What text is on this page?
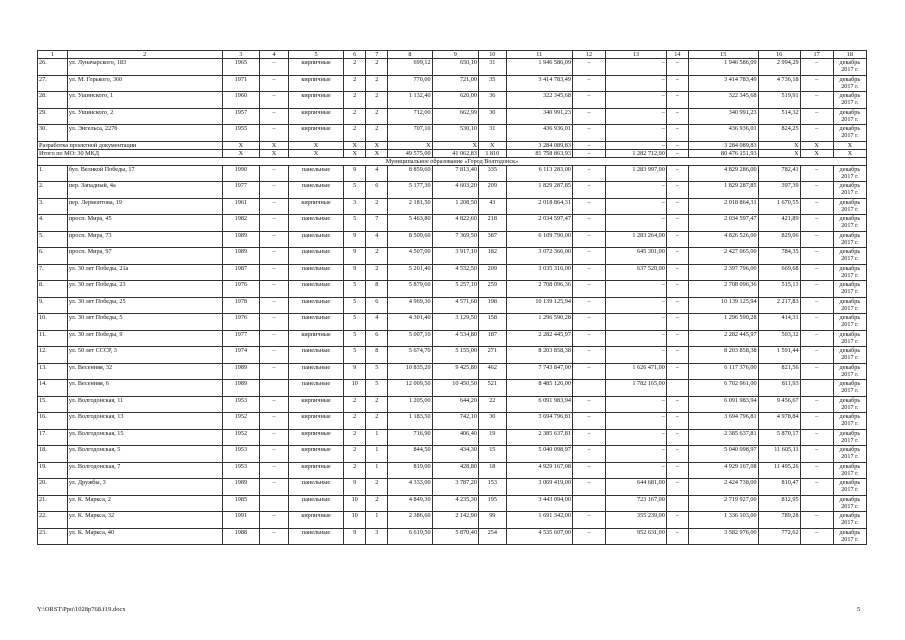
1	2	3	4	5	6	7	8	9	10	11	12	13	14	15	16	17	18
26.	ул. Луначарского, 183	1965	–	кирпичные	2	2	699,12	650,10	31	1 946 586,09	–	–	–	1 946 586,09	2 994,29	–	декабрь 2017 г.
27.	ул. М. Горького, 360	1971	–	кирпичные	2	2	770,00	721,00	35	3 414 783,49	–	–	–	3 414 783,49	4 736,18	–	декабрь 2017 г.
28.	ул. Ушинского, 1	1960	–	кирпичные	2	2	1 132,40	620,00	36	322 345,68	–	–	–	322 345,68	519,91	–	декабрь 2017 г.
29.	ул. Ушинского, 2	1957	–	кирпичные	2	2	712,00	662,99	30	340 991,23	–	–	–	340 991,23	514,32	–	декабрь 2017 г.
30.	ул. Энгельса, 227б	1955	–	кирпичные	2	2	707,10	530,10	31	436 936,01	–	–	–	436 936,01	824,25	–	декабрь 2017 г.
Разработка проектной документации		X	X	X	X	X	X	X	X	3 284 089,83	–	–	–	3 284 089,83	X	X	X
Итого по МО: 30 МКД		X	X	X	X	X	49 575,00	41 062,83	1 810	81 758 863,93	–	1 282 712,00	–	80 476 151,93	X	X	X
Муниципальное образование «Город Волгодонск»																	
1.	бул. Великой Победы, 17	1990	–	панельные	9	4	8 859,60	7 813,40	335	6 113 283,00	–	1 283 997,00	–	4 829 286,00	782,41	–	декабрь 2017 г.
2.	пер. Западный, 4а	1977	–	панельные	5	6	5 177,30	4 603,20	209	1 829 287,85	–	–	–	1 829 287,85	397,39	–	декабрь 2017 г.
3.	пер. Лермонтова, 19	1961	–	кирпичные	3	2	2 181,50	1 208,50	43	2 018 864,31	–	–	–	2 018 864,31	1 670,55	–	декабрь 2017 г.
4.	просп. Мира, 45	1982	–	панельные	5	7	5 463,80	4 822,60	218	2 034 597,47	–	–	–	2 034 597,47	421,89	–	декабрь 2017 г.
5.	просп. Мира, 73	1989	–	панельные	9	4	8 509,60	7 369,50	387	6 109 790,00	–	1 283 264,00	–	4 826 526,00	829,06	–	декабрь 2017 г.
6.	просп. Мира, 97	1989	–	панельные	9	2	4 507,00	3 917,10	182	3 072 366,00	–	645 301,00	–	2 427 065,00	784,35	–	декабрь 2017 г.
7.	ул. 30 лет Победы, 21а	1987	–	панельные	9	2	5 201,40	4 532,50	209	3 035 316,00	–	637 520,00	–	2 397 796,00	669,68	–	декабрь 2017 г.
8.	ул. 30 лет Победы, 23	1976	–	панельные	5	8	5 879,60	5 257,10	259	2 708 096,36	–	–	–	2 708 096,36	515,13	–	декабрь 2017 г.
9.	ул. 30 лет Победы, 25	1978	–	панельные	5	6	4 969,30	4 571,60	198	10 139 125,94	–	–	–	10 139 125,94	2 217,83	–	декабрь 2017 г.
10.	ул. 30 лет Победы, 5	1976	–	панельные	5	4	4 301,40	3 129,50	158	1 296 590,28	–	–	–	1 296 590,28	414,31	–	декабрь 2017 г.
11.	ул. 30 лет Победы, 9	1977	–	кирпичные	5	6	5 007,10	4 534,80	187	2 282 445,97	–	–	–	2 282 445,97	503,32	–	декабрь 2017 г.
12.	ул. 50 лет СССР, 3	1974	–	панельные	5	8	5 674,70	5 155,00	271	8 203 858,38	–	–	–	8 203 858,38	1 591,44	–	декабрь 2017 г.
13.	ул. Весенняя, 32	1989	–	панельные	9	5	10 835,20	9 425,80	462	7 743 847,00	–	1 626 471,00	–	6 117 376,00	821,56	–	декабрь 2017 г.
14.	ул. Весенняя, 6	1989		панельные	10	5	12 009,50	10 450,50	521	8 485 126,00		1 782 165,00		6 702 961,00	811,93		декабрь 2017 г.
15.	ул. Волгодонская, 11	1953	–	кирпичные	2	2	1 205,00	644,20	22	6 091 983,94	–	–	–	6 091 983,94	9 456,67	–	декабрь 2017 г.
16.	ул. Волгодонская, 13	1952	–	кирпичные	2	2	1 183,50	742,10	30	3 694 796,81	–	–	–	3 694 796,81	4 978,84	–	декабрь 2017 г.
17.	ул. Волгодонская, 15	1952	–	кирпичные	2	1	716,90	406,40	19	2 385 637,81	–	–	–	2 385 637,81	5 870,17	–	декабрь 2017 г.
18.	ул. Волгодонская, 5	1953	–	кирпичные	2	1	844,50	434,30	15	5 040 098,97	–	–	–	5 040 098,97	11 605,11	–	декабрь 2017 г.
19.	ул. Волгодонская, 7	1953	–	кирпичные	2	1	819,00	428,80	18	4 929 167,08	–	–	–	4 929 167,08	11 495,26	–	декабрь 2017 г.
20.	ул. Дружбы, 3	1989	–	панельные	9	2	4 333,00	3 787,20	153	3 069 419,00	–	644 681,00	–	2 424 738,00	810,47	–	декабрь 2017 г.
21.	ул. К. Маркса, 2	1985		панельные	10	2	4 849,30	4 235,30	195	3 443 094,00		723 167,00		2 719 927,00	812,95		декабрь 2017 г.
22.	ул. К. Маркса, 32	1991	–	кирпичные	10	1	2 386,60	2 142,90	99	1 691 342,00	–	355 239,00	–	1 336 103,00	789,28	–	декабрь 2017 г.
23.	ул. К. Маркса, 40	1988	–	панельные	9	3	6 619,50	5 870,40	254	4 535 607,00	–	952 631,00	–	3 582 976,00	772,62	–	декабрь 2017 г.
Y:\ORST\Ppo\1028p768.f19.docx	5
